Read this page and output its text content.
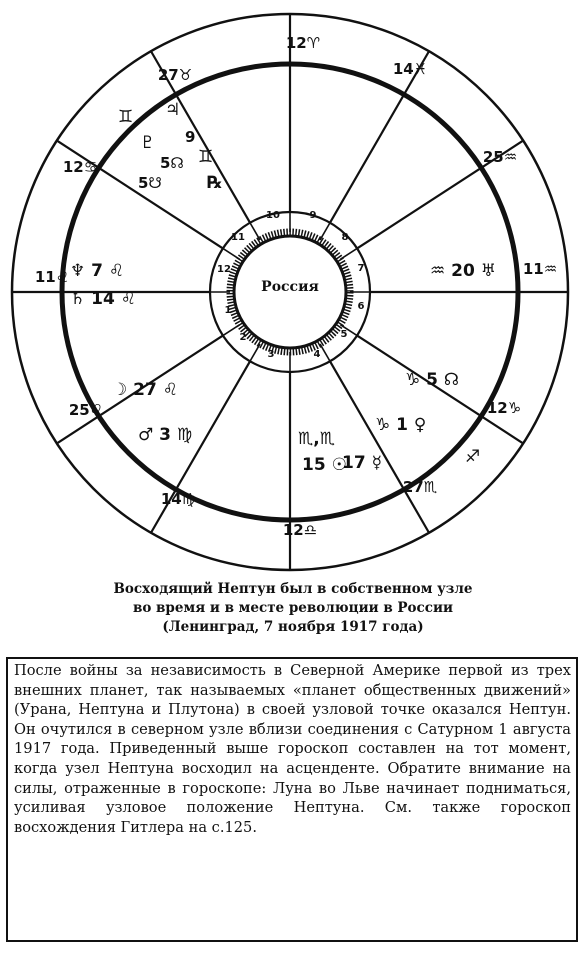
Россия
1
2
3	4
5
6
7
8
9
10
11
12
12♈
14♓
25♒
11♒
12♑
27♏
12♎
14♍
25♌
11♌
12♋
27♉
♊ ♃
9
♊
♇
5☊
5☋	℞
♆ 7 ♌
♄ 14 ♌
☽ 27 ♌
♂ 3 ♍
♒ 20 ♅
♑ 5 ☊
♑ 1 ♀
♏,♏
15 ☉
17 ☿	♐
Восходящий Нептун был в собственном узле
во время и в месте революции в России
(Ленинград, 7 ноября 1917 года)
После войны за независимость в Северной Америке первой из трех внешних планет, так называемых «планет общественных движений» (Урана, Нептуна и Плутона) в своей узловой точке оказался Нептун. Он очутился в северном узле вблизи соединения с Сатурном 1 августа 1917 года. Приведенный выше гороскоп составлен на тот момент, когда узел Нептуна восходил на асценденте. Обратите внимание на силы, отраженные в гороскопе: Луна во Льве начинает подниматься, усиливая узловое положение Нептуна. См. также гороскоп восхождения Гитлера на с.125.
